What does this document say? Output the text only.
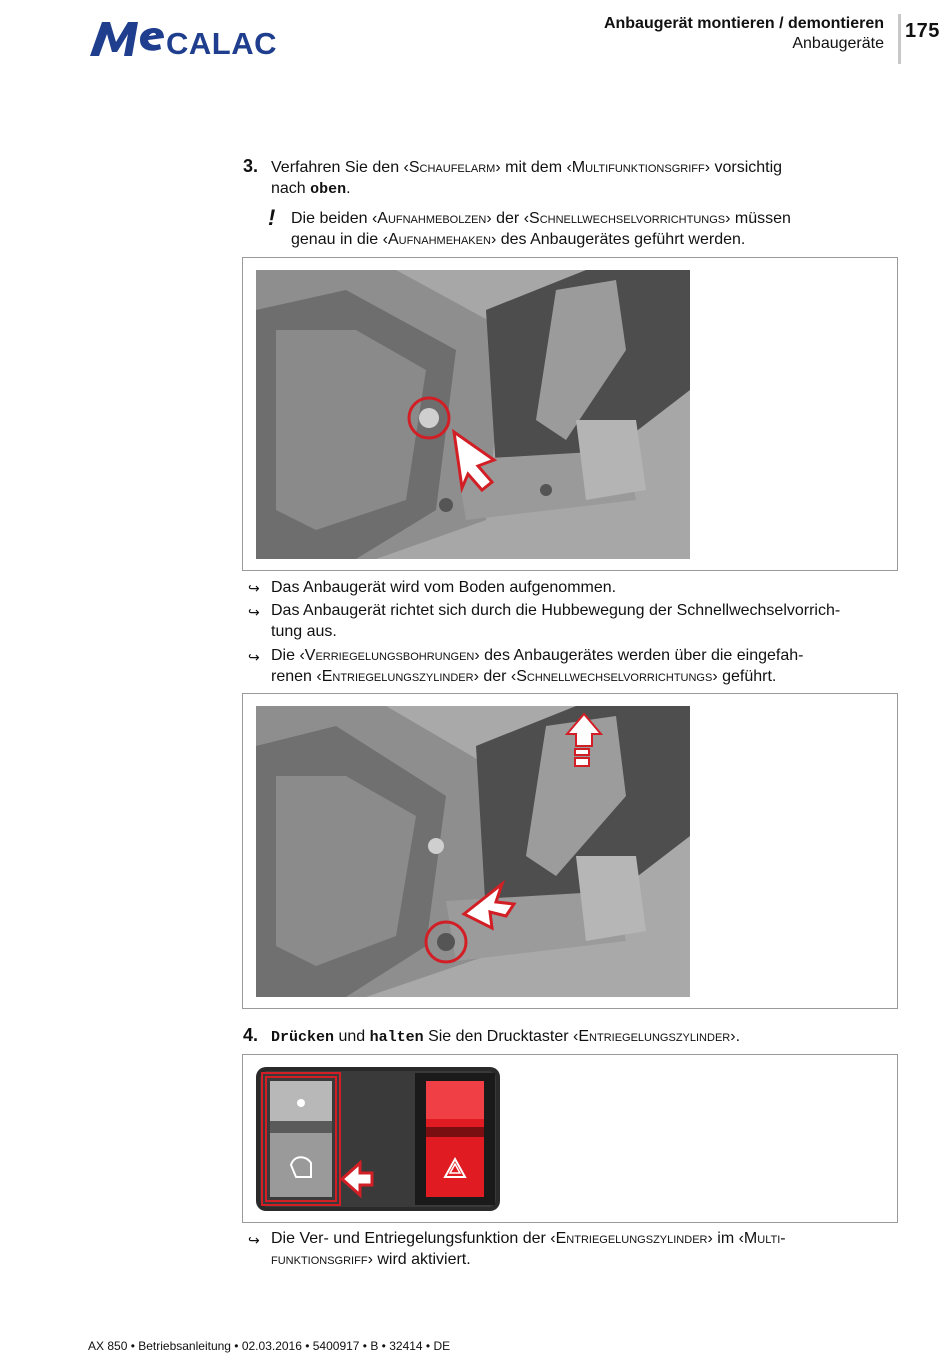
CALAC
Anbaugerät montieren / demontieren
Anbaugeräte
175
3. Verfahren Sie den ‹Schaufelarm› mit dem ‹Multifunktionsgriff› vorsichtig
nach oben.
! Die beiden ‹Aufnahmebolzen› der ‹Schnellwechselvorrichtungs› müssen
genau in die ‹Aufnahmehaken› des Anbaugerätes geführt werden.
↪ Das Anbaugerät wird vom Boden aufgenommen.
↪ Das Anbaugerät richtet sich durch die Hubbewegung der Schnellwechselvorrich-
tung aus.
↪ Die ‹Verriegelungsbohrungen› des Anbaugerätes werden über die eingefah-
renen ‹Entriegelungszylinder› der ‹Schnellwechselvorrichtungs› geführt.
4. Drücken und halten Sie den Drucktaster ‹Entriegelungszylinder›.
↪ Die Ver- und Entriegelungsfunktion der ‹Entriegelungszylinder› im ‹Multi-
funktionsgriff› wird aktiviert.
AX 850 • Betriebsanleitung • 02.03.2016 • 5400917 • B • 32414 • DE
